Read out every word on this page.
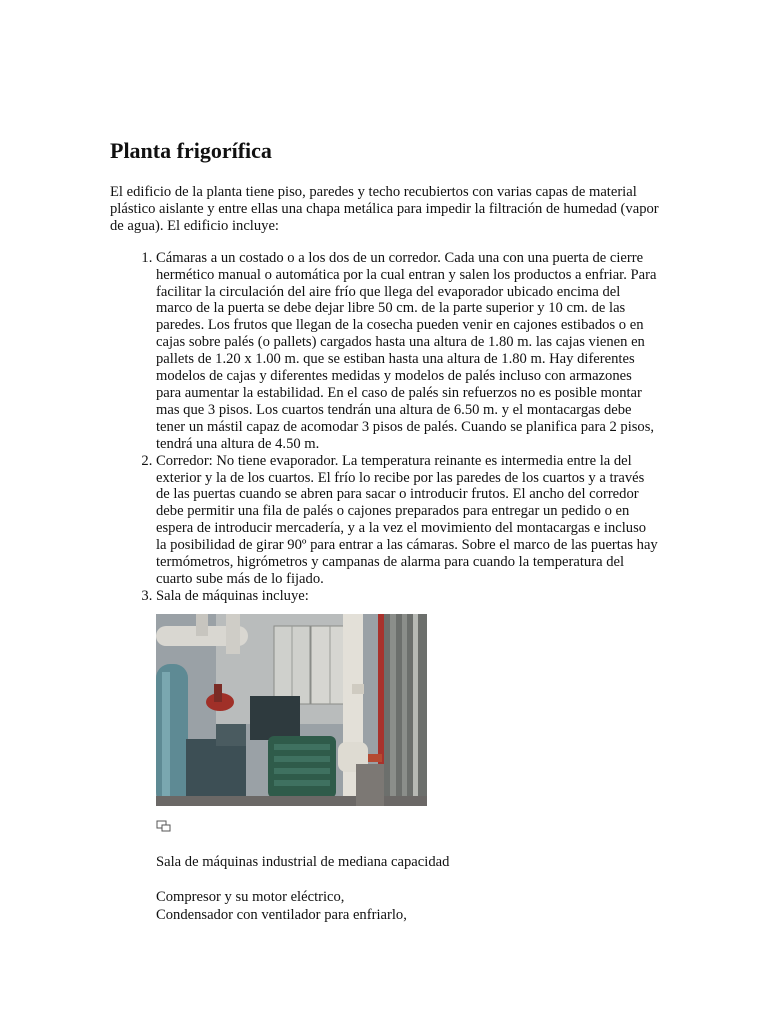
Planta frigorífica

El edificio de la planta tiene piso, paredes y techo recubiertos con varias capas de material plástico aislante y entre ellas una chapa metálica para impedir la filtración de humedad (vapor de agua). El edificio incluye:

1. Cámaras a un costado o a los dos de un corredor. Cada una con una puerta de cierre hermético manual o automática por la cual entran y salen los productos a enfriar. Para facilitar la circulación del aire frío que llega del evaporador ubicado encima del marco de la puerta se debe dejar libre 50 cm. de la parte superior y 10 cm. de las paredes. Los frutos que llegan de la cosecha pueden venir en cajones estibados o en cajas sobre palés (o pallets) cargados hasta una altura de 1.80 m. las cajas vienen en pallets de 1.20 x 1.00 m. que se estiban hasta una altura de 1.80 m. Hay diferentes modelos de cajas y diferentes medidas y modelos de palés incluso con armazones para aumentar la estabilidad. En el caso de palés sin refuerzos no es posible montar mas que 3 pisos. Los cuartos tendrán una altura de 6.50 m. y el montacargas debe tener un mástil capaz de acomodar 3 pisos de palés. Cuando se planifica para 2 pisos, tendrá una altura de 4.50 m.
2. Corredor: No tiene evaporador. La temperatura reinante es intermedia entre la del exterior y la de los cuartos. El frío lo recibe por las paredes de los cuartos y a través de las puertas cuando se abren para sacar o introducir frutos. El ancho del corredor debe permitir una fila de palés o cajones preparados para entregar un pedido o en espera de introducir mercadería, y a la vez el movimiento del montacargas e incluso la posibilidad de girar 90º para entrar a las cámaras. Sobre el marco de las puertas hay termómetros, higrómetros y campanas de alarma para cuando la temperatura del cuarto sube más de lo fijado.
3. Sala de máquinas incluye:
Sala de máquinas industrial de mediana capacidad
Compresor y su motor eléctrico,
Condensador con ventilador para enfriarlo,
